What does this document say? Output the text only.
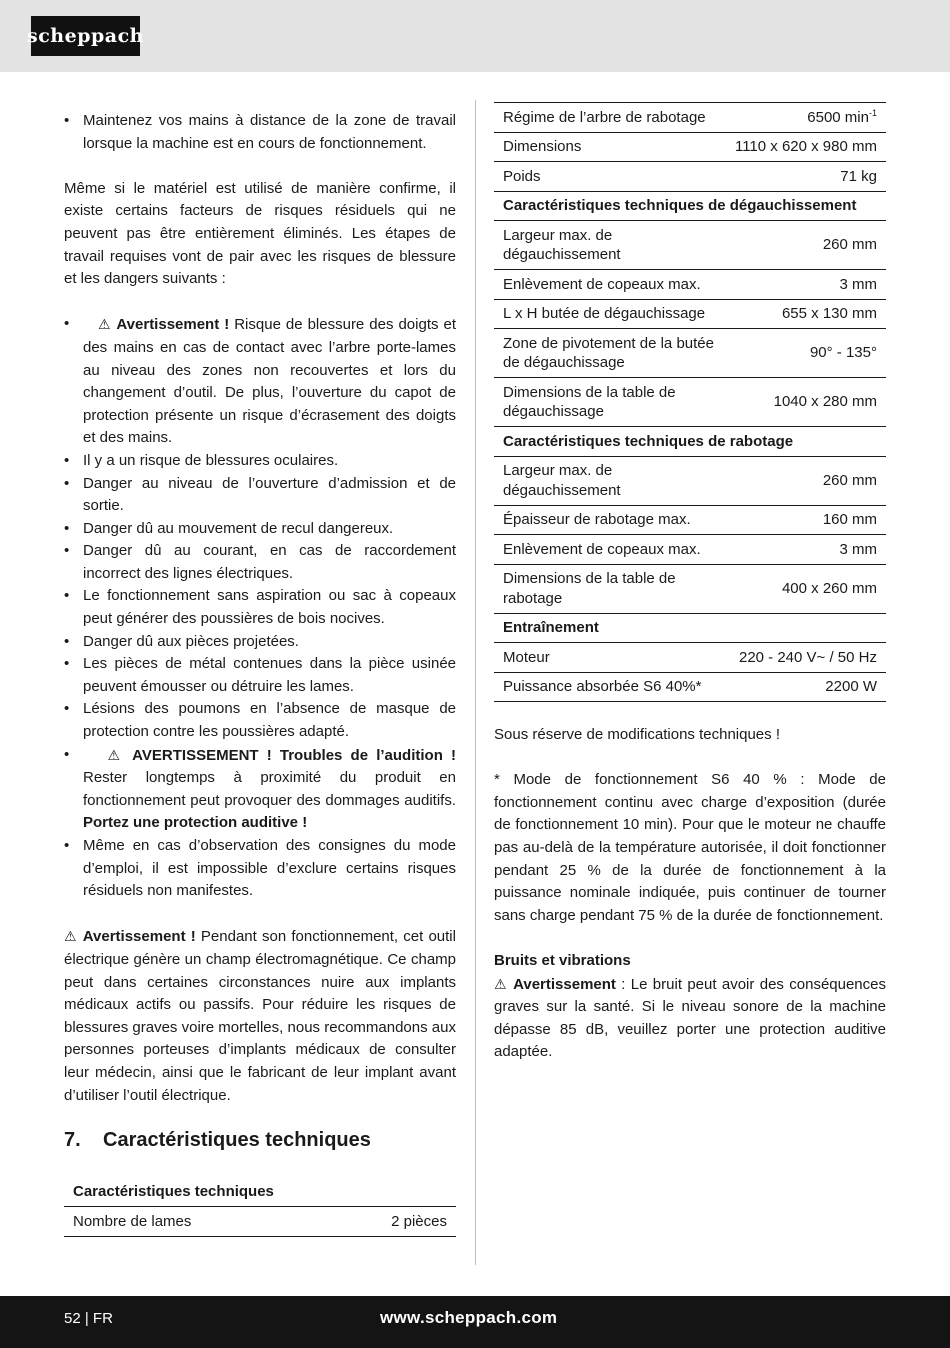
scheppach
• Maintenez vos mains à distance de la zone de travail lorsque la machine est en cours de fonctionnement.

Même si le matériel est utilisé de manière confirme, il existe certains facteurs de risques résiduels qui ne peuvent pas être entièrement éliminés. Les étapes de travail requises vont de pair avec les risques de blessure et les dangers suivants :

• ⚠ Avertissement ! Risque de blessure des doigts et des mains en cas de contact avec l’arbre porte-lames au niveau des zones non recouvertes et lors du changement d’outil. De plus, l’ouverture du capot de protection présente un risque d’écrasement des doigts et des mains.
• Il y a un risque de blessures oculaires.
• Danger au niveau de l’ouverture d’admission et de sortie.
• Danger dû au mouvement de recul dangereux.
• Danger dû au courant, en cas de raccordement incorrect des lignes électriques.
• Le fonctionnement sans aspiration ou sac à copeaux peut générer des poussières de bois nocives.
• Danger dû aux pièces projetées.
• Les pièces de métal contenues dans la pièce usinée peuvent émousser ou détruire les lames.
• Lésions des poumons en l’absence de masque de protection contre les poussières adapté.
•	⚠ AVERTISSEMENT ! Troubles de l’audition ! Rester longtemps à proximité du produit en fonctionnement peut provoquer des dommages auditifs. Portez une protection auditive !
• Même en cas d’observation des consignes du mode d’emploi, il est impossible d’exclure certains risques résiduels non manifestes.

⚠ Avertissement ! Pendant son fonctionnement, cet outil électrique génère un champ électromagnétique. Ce champ peut dans certaines circonstances nuire aux implants médicaux actifs ou passifs. Pour réduire les risques de blessures graves voire mortelles, nous recommandons aux personnes porteuses d’implants médicaux de consulter leur médecin, ainsi que le fabricant de leur implant avant d’utiliser l’outil électrique.

7.	Caractéristiques techniques
Caractéristiques techniques
Nombre de lames	2 pièces
Régime de l’arbre de rabotage	6500 $\min^{-1}$
Dimensions	1110 x 620 x 980 mm
Poids	71 kg
Caractéristiques techniques de dégauchissement	
Largeur max. de dégauchissement	260 mm
Enlèvement de copeaux max.	3 mm
L x H butée de dégauchissage	655 x 130 mm
Zone de pivotement de la butée de dégauchissage	90° - 135°
Dimensions de la table de dégauchissage	1040 x 280 mm
Caractéristiques techniques de rabotage	
Largeur max. de dégauchissement	260 mm
Épaisseur de rabotage max.	160 mm
Enlèvement de copeaux max.	3 mm
Dimensions de la table de rabotage	400 x 260 mm
Entraînement	
Moteur	220 - 240 V~ / 50 Hz
Puissance absorbée S6 40%*	2200 W

Sous réserve de modifications techniques !

* Mode de fonctionnement S6 40 % : Mode de fonctionnement continu avec charge d’exposition (durée de fonctionnement 10 min). Pour que le moteur ne chauffe pas au-delà de la température autorisée, il doit fonctionner pendant 25 % de la durée de fonctionnement à la puissance nominale indiquée, puis continuer de tourner sans charge pendant 75 % de la durée de fonctionnement.

Bruits et vibrations

⚠ Avertissement : Le bruit peut avoir des conséquences graves sur la santé. Si le niveau sonore de la machine dépasse 85 dB, veuillez porter une protection auditive adaptée.

52 | FR	www.scheppach.com
